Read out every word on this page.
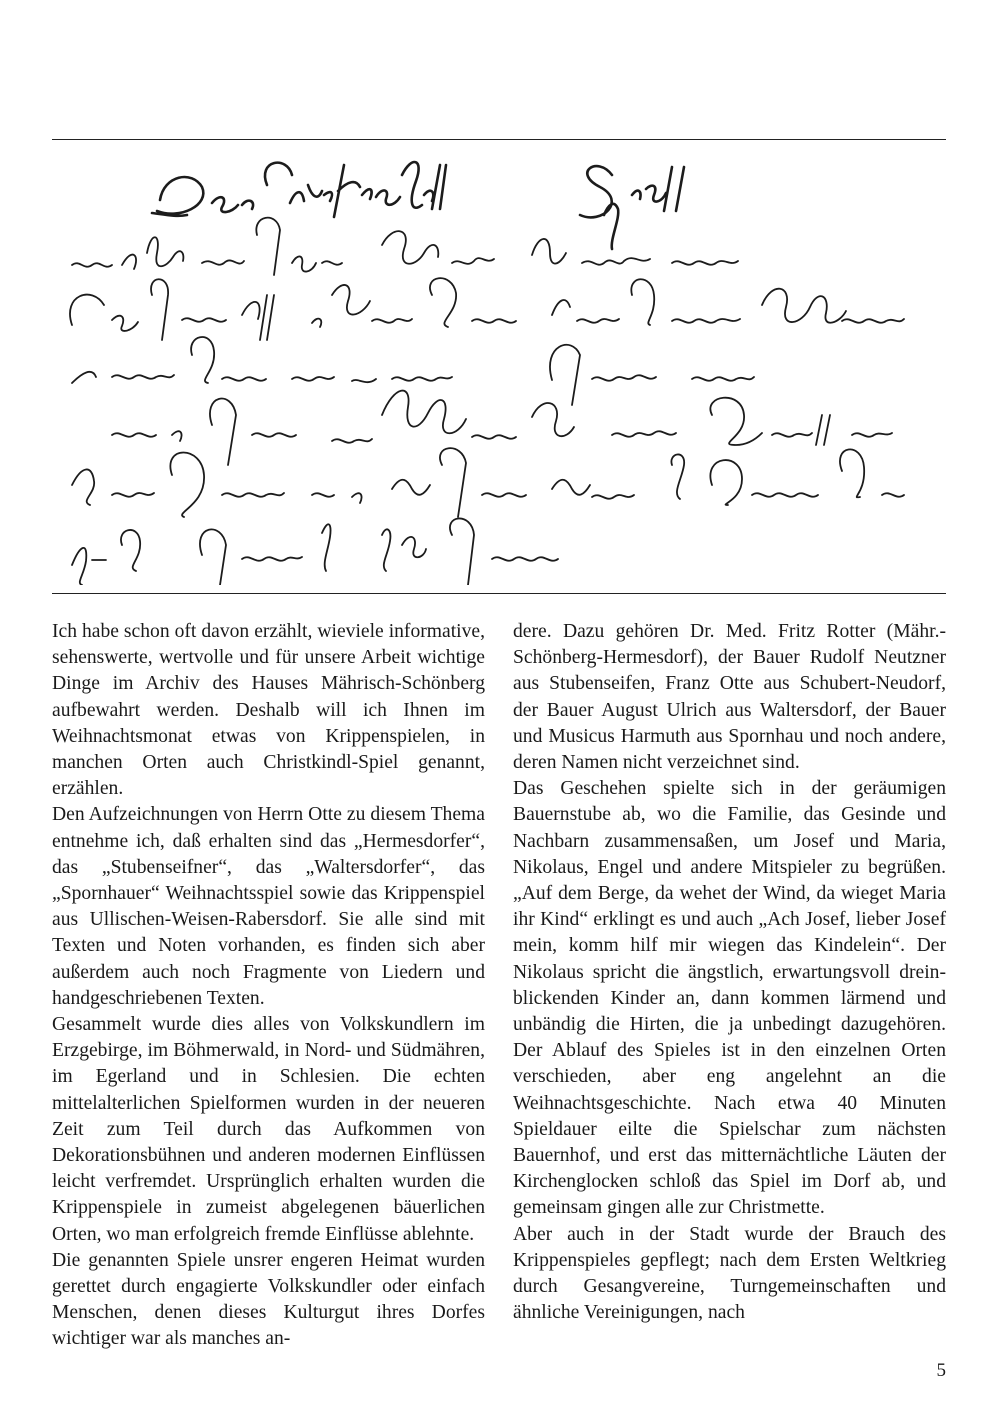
Ich habe schon oft davon erzählt, wieviele informative, sehenswerte, wertvolle und für unsere Arbeit wichtige Dinge im Archiv des Hauses Mährisch-Schönberg aufbewahrt werden. Deshalb will ich Ihnen im Weihnachtsmonat etwas von Krippenspielen, in manchen Orten auch Christkindl-Spiel genannt, erzählen.

Den Aufzeichnungen von Herrn Otte zu diesem Thema entnehme ich, daß erhalten sind das „Hermesdorfer“, das „Stubenseifner“, das „Waltersdorfer“, das „Spornhauer“ Weihnachtsspiel sowie das Krippenspiel aus Ullischen-Weisen-Rabersdorf. Sie alle sind mit Texten und Noten vorhanden, es finden sich aber außerdem auch noch Fragmente von Liedern und handgeschriebenen Texten.

Gesammelt wurde dies alles von Volkskundlern im Erzgebirge, im Böhmerwald, in Nord- und Südmähren, im Egerland und in Schlesien. Die echten mittelalterlichen Spielformen wurden in der neueren Zeit zum Teil durch das Aufkommen von Dekorationsbühnen und anderen modernen Einflüssen leicht verfremdet. Ursprünglich erhalten wurden die Krippenspiele in zumeist abgelegenen bäuerlichen Orten, wo man erfolgreich fremde Einflüsse ablehnte.

Die genannten Spiele unsrer engeren Heimat wurden gerettet durch engagierte Volkskundler oder einfach Menschen, denen dieses Kulturgut ihres Dorfes wichtiger war als manches an-

dere. Dazu gehören Dr. Med. Fritz Rotter (Mähr.-Schönberg-Hermesdorf), der Bauer Rudolf Neutzner aus Stubenseifen, Franz Otte aus Schubert-Neudorf, der Bauer August Ulrich aus Waltersdorf, der Bauer und Musicus Harmuth aus Spornhau und noch andere, deren Namen nicht verzeichnet sind.

Das Geschehen spielte sich in der geräumigen Bauernstube ab, wo die Familie, das Gesinde und Nachbarn zusammensaßen, um Josef und Maria, Nikolaus, Engel und andere Mitspieler zu begrüßen. „Auf dem Berge, da wehet der Wind, da wieget Maria ihr Kind“ erklingt es und auch „Ach Josef, lieber Josef mein, komm hilf mir wiegen das Kindelein“. Der Nikolaus spricht die ängstlich, erwartungsvoll dreinblickenden Kinder an, dann kommen lärmend und unbändig die Hirten, die ja unbedingt dazugehören. Der Ablauf des Spieles ist in den einzelnen Orten verschieden, aber eng angelehnt an die Weihnachtsgeschichte. Nach etwa 40 Minuten Spieldauer eilte die Spielschar zum nächsten Bauernhof, und erst das mitternächtliche Läuten der Kirchenglocken schloß das Spiel im Dorf ab, und gemeinsam gingen alle zur Christmette.

Aber auch in der Stadt wurde der Brauch des Krippenspieles gepflegt; nach dem Ersten Weltkrieg durch Gesangvereine, Turngemeinschaften und ähnliche Vereinigungen, nach

5
